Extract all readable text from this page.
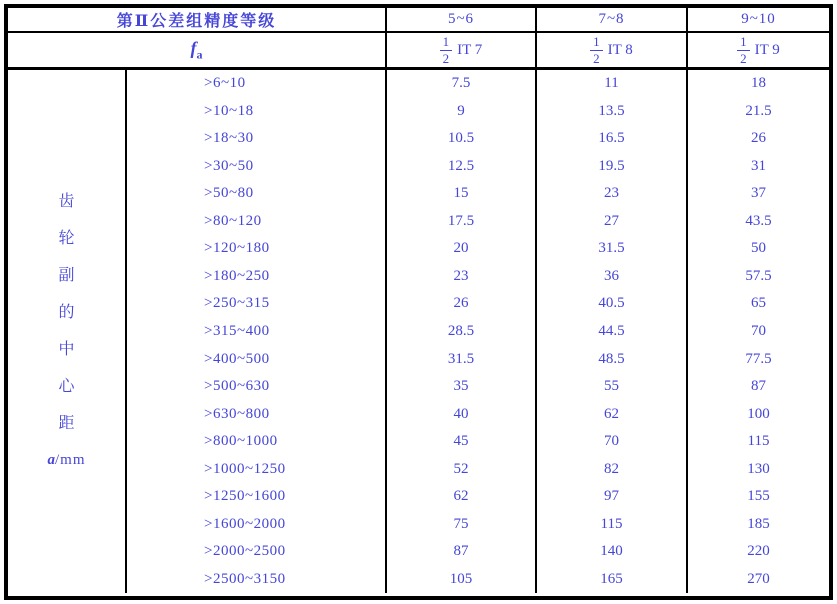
第Ⅱ公差组精度等级	5~6	7~8	9~10
$f_a$	$\frac{1}{2}$ IT 7	$\frac{1}{2}$ IT 8	$\frac{1}{2}$ IT 9
齿
轮
副
的
中
心
距
a/mm
>6~10	7.5	11	18
>10~18	9	13.5	21.5
>18~30	10.5	16.5	26
>30~50	12.5	19.5	31
>50~80	15	23	37
>80~120	17.5	27	43.5
>120~180	20	31.5	50
>180~250	23	36	57.5
>250~315	26	40.5	65
>315~400	28.5	44.5	70
>400~500	31.5	48.5	77.5
>500~630	35	55	87
>630~800	40	62	100
>800~1000	45	70	115
>1000~1250	52	82	130
>1250~1600	62	97	155
>1600~2000	75	115	185
>2000~2500	87	140	220
>2500~3150	105	165	270
